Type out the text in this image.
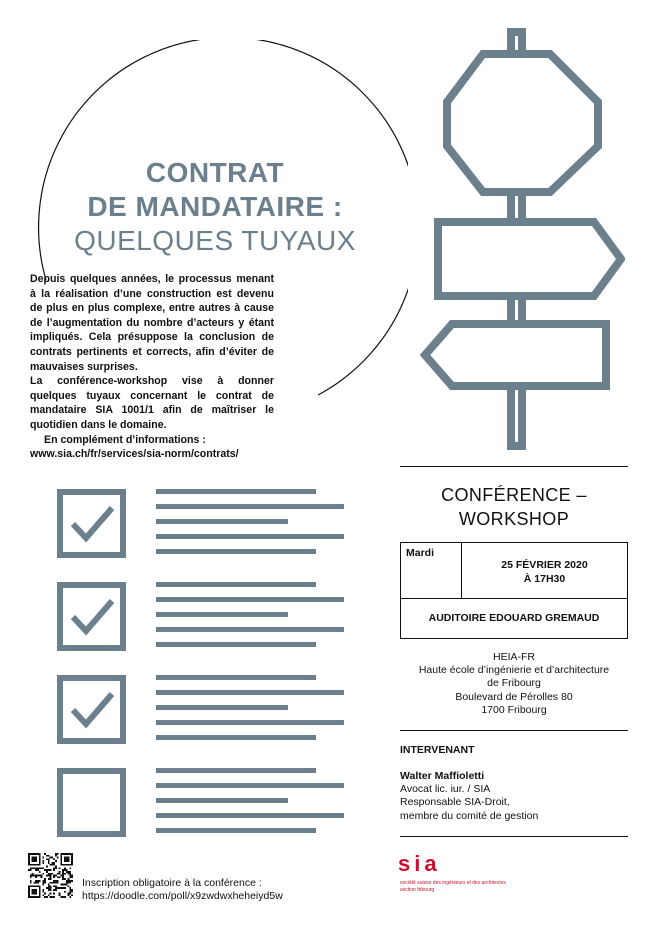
CONTRAT
DE MANDATAIRE :
QUELQUES TUYAUX

Depuis quelques années, le processus menant à la réalisation d’une construction est devenu de plus en plus complexe, entre autres à cause de l’augmentation du nombre d’acteurs y étant impliqués. Cela présuppose la conclusion de contrats pertinents et corrects, afin d’éviter de mauvaises surprises.

La conférence-workshop vise à donner quelques tuyaux concernant le contrat de mandataire SIA 1001/1 afin de maîtriser le quotidien dans le domaine.

En complément d’informations :

www.sia.ch/fr/services/sia-norm/contrats/

CONFÉRENCE –
WORKSHOP
Mardi
25 FÉVRIER 2020
À 17H30
AUDITOIRE EDOUARD GREMAUD
HEIA-FR
Haute école d’ingénierie et d’architecture
de Fribourg
Boulevard de Pérolles 80
1700 Fribourg
INTERVENANT
Walter Maffioletti
Avocat lic. iur. / SIA
Responsable SIA-Droit,
membre du comité de gestion
Inscription obligatoire à la conférence :
https://doodle.com/poll/x9zwdwxheheiyd5w
sia
société suisse des ingénieurs et des architectes
section fribourg
